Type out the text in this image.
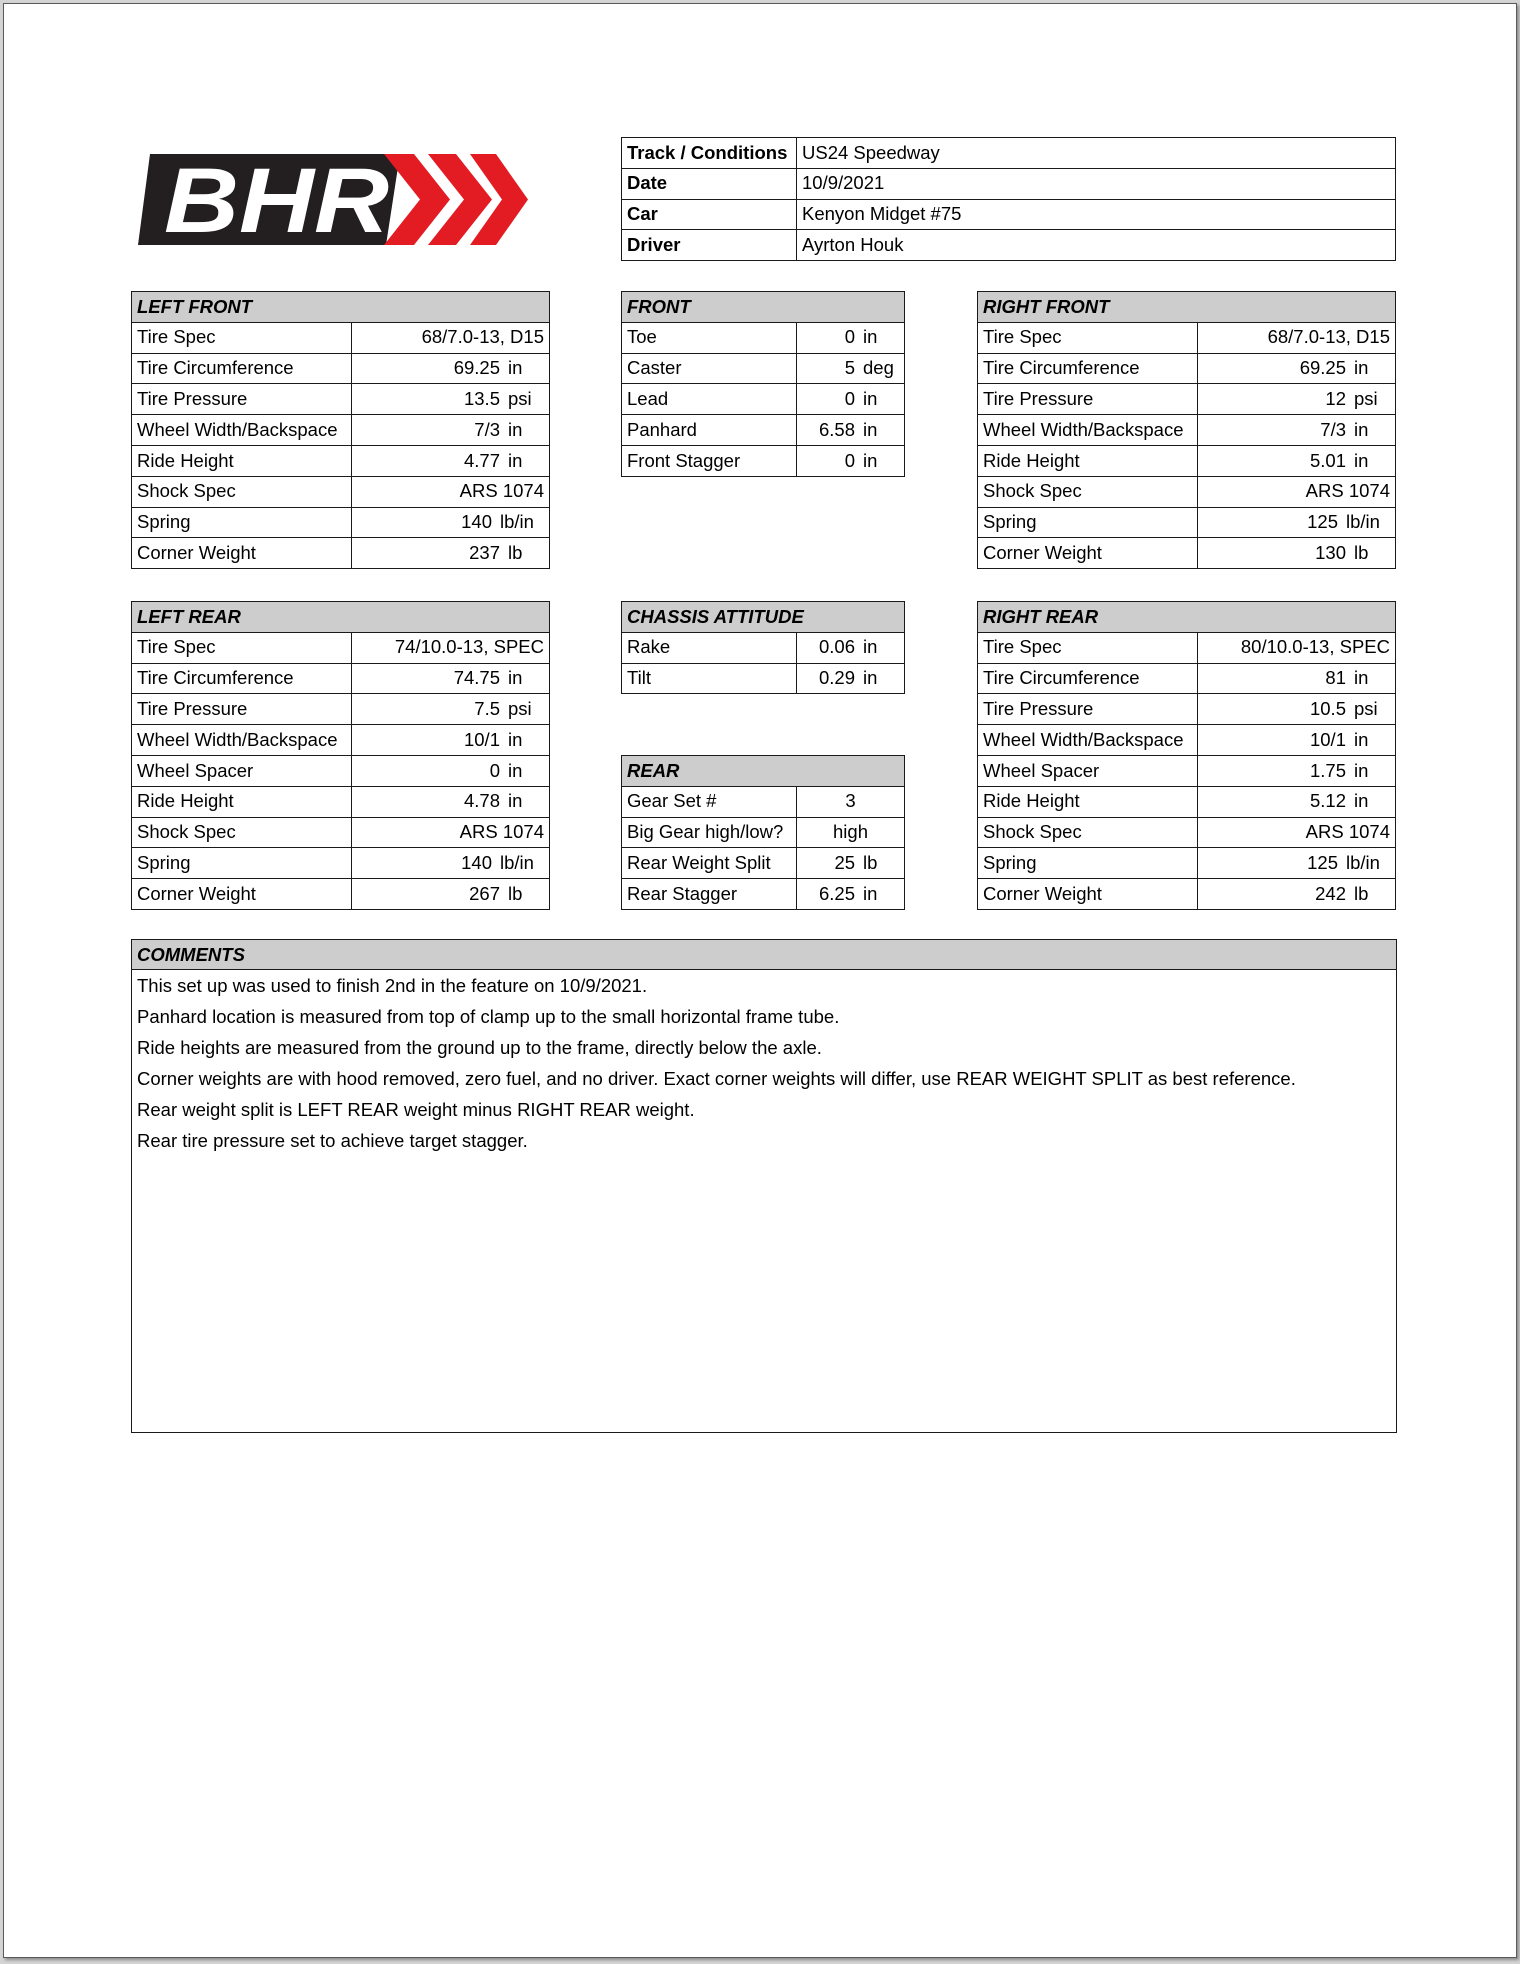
BHR	Track / Conditions	US24 Speedway
Date	10/9/2021
Car	Kenyon Midget #75
Driver	Ayrton Houk
LEFT FRONT	
Tire Spec	68/7.0-13, D15
Tire Circumference	69.25 in
Tire Pressure	13.5 psi
Wheel Width/Backspace	7/3 in
Ride Height	4.77 in
Shock Spec	ARS 1074
Spring	140 lb/in
Corner Weight	237 lb
FRONT	
Toe	0 in
Caster	5 deg
Lead	0 in
Panhard	6.58 in
Front Stagger	0 in
RIGHT FRONT	
Tire Spec	68/7.0-13, D15
Tire Circumference	69.25 in
Tire Pressure	12 psi
Wheel Width/Backspace	7/3 in
Ride Height	5.01 in
Shock Spec	ARS 1074
Spring	125 lb/in
Corner Weight	130 lb
LEFT REAR	
Tire Spec	74/10.0-13, SPEC
Tire Circumference	74.75 in
Tire Pressure	7.5 psi
Wheel Width/Backspace	10/1 in
Wheel Spacer	0 in
Ride Height	4.78 in
Shock Spec	ARS 1074
Spring	140 lb/in
Corner Weight	267 lb
CHASSIS ATTITUDE	
Rake	0.06 in
Tilt	0.29 in
REAR	
Gear Set #	3
Big Gear high/low?	high
Rear Weight Split	25 lb
Rear Stagger	6.25 in
RIGHT REAR	
Tire Spec	80/10.0-13, SPEC
Tire Circumference	81 in
Tire Pressure	10.5 psi
Wheel Width/Backspace	10/1 in
Wheel Spacer	1.75 in
Ride Height	5.12 in
Shock Spec	ARS 1074
Spring	125 lb/in
Corner Weight	242 lb
COMMENTS
This set up was used to finish 2nd in the feature on 10/9/2021.
Panhard location is measured from top of clamp up to the small horizontal frame tube.
Ride heights are measured from the ground up to the frame, directly below the axle.
Corner weights are with hood removed, zero fuel, and no driver. Exact corner weights will differ, use REAR WEIGHT SPLIT as best reference.
Rear weight split is LEFT REAR weight minus RIGHT REAR weight.
Rear tire pressure set to achieve target stagger.
